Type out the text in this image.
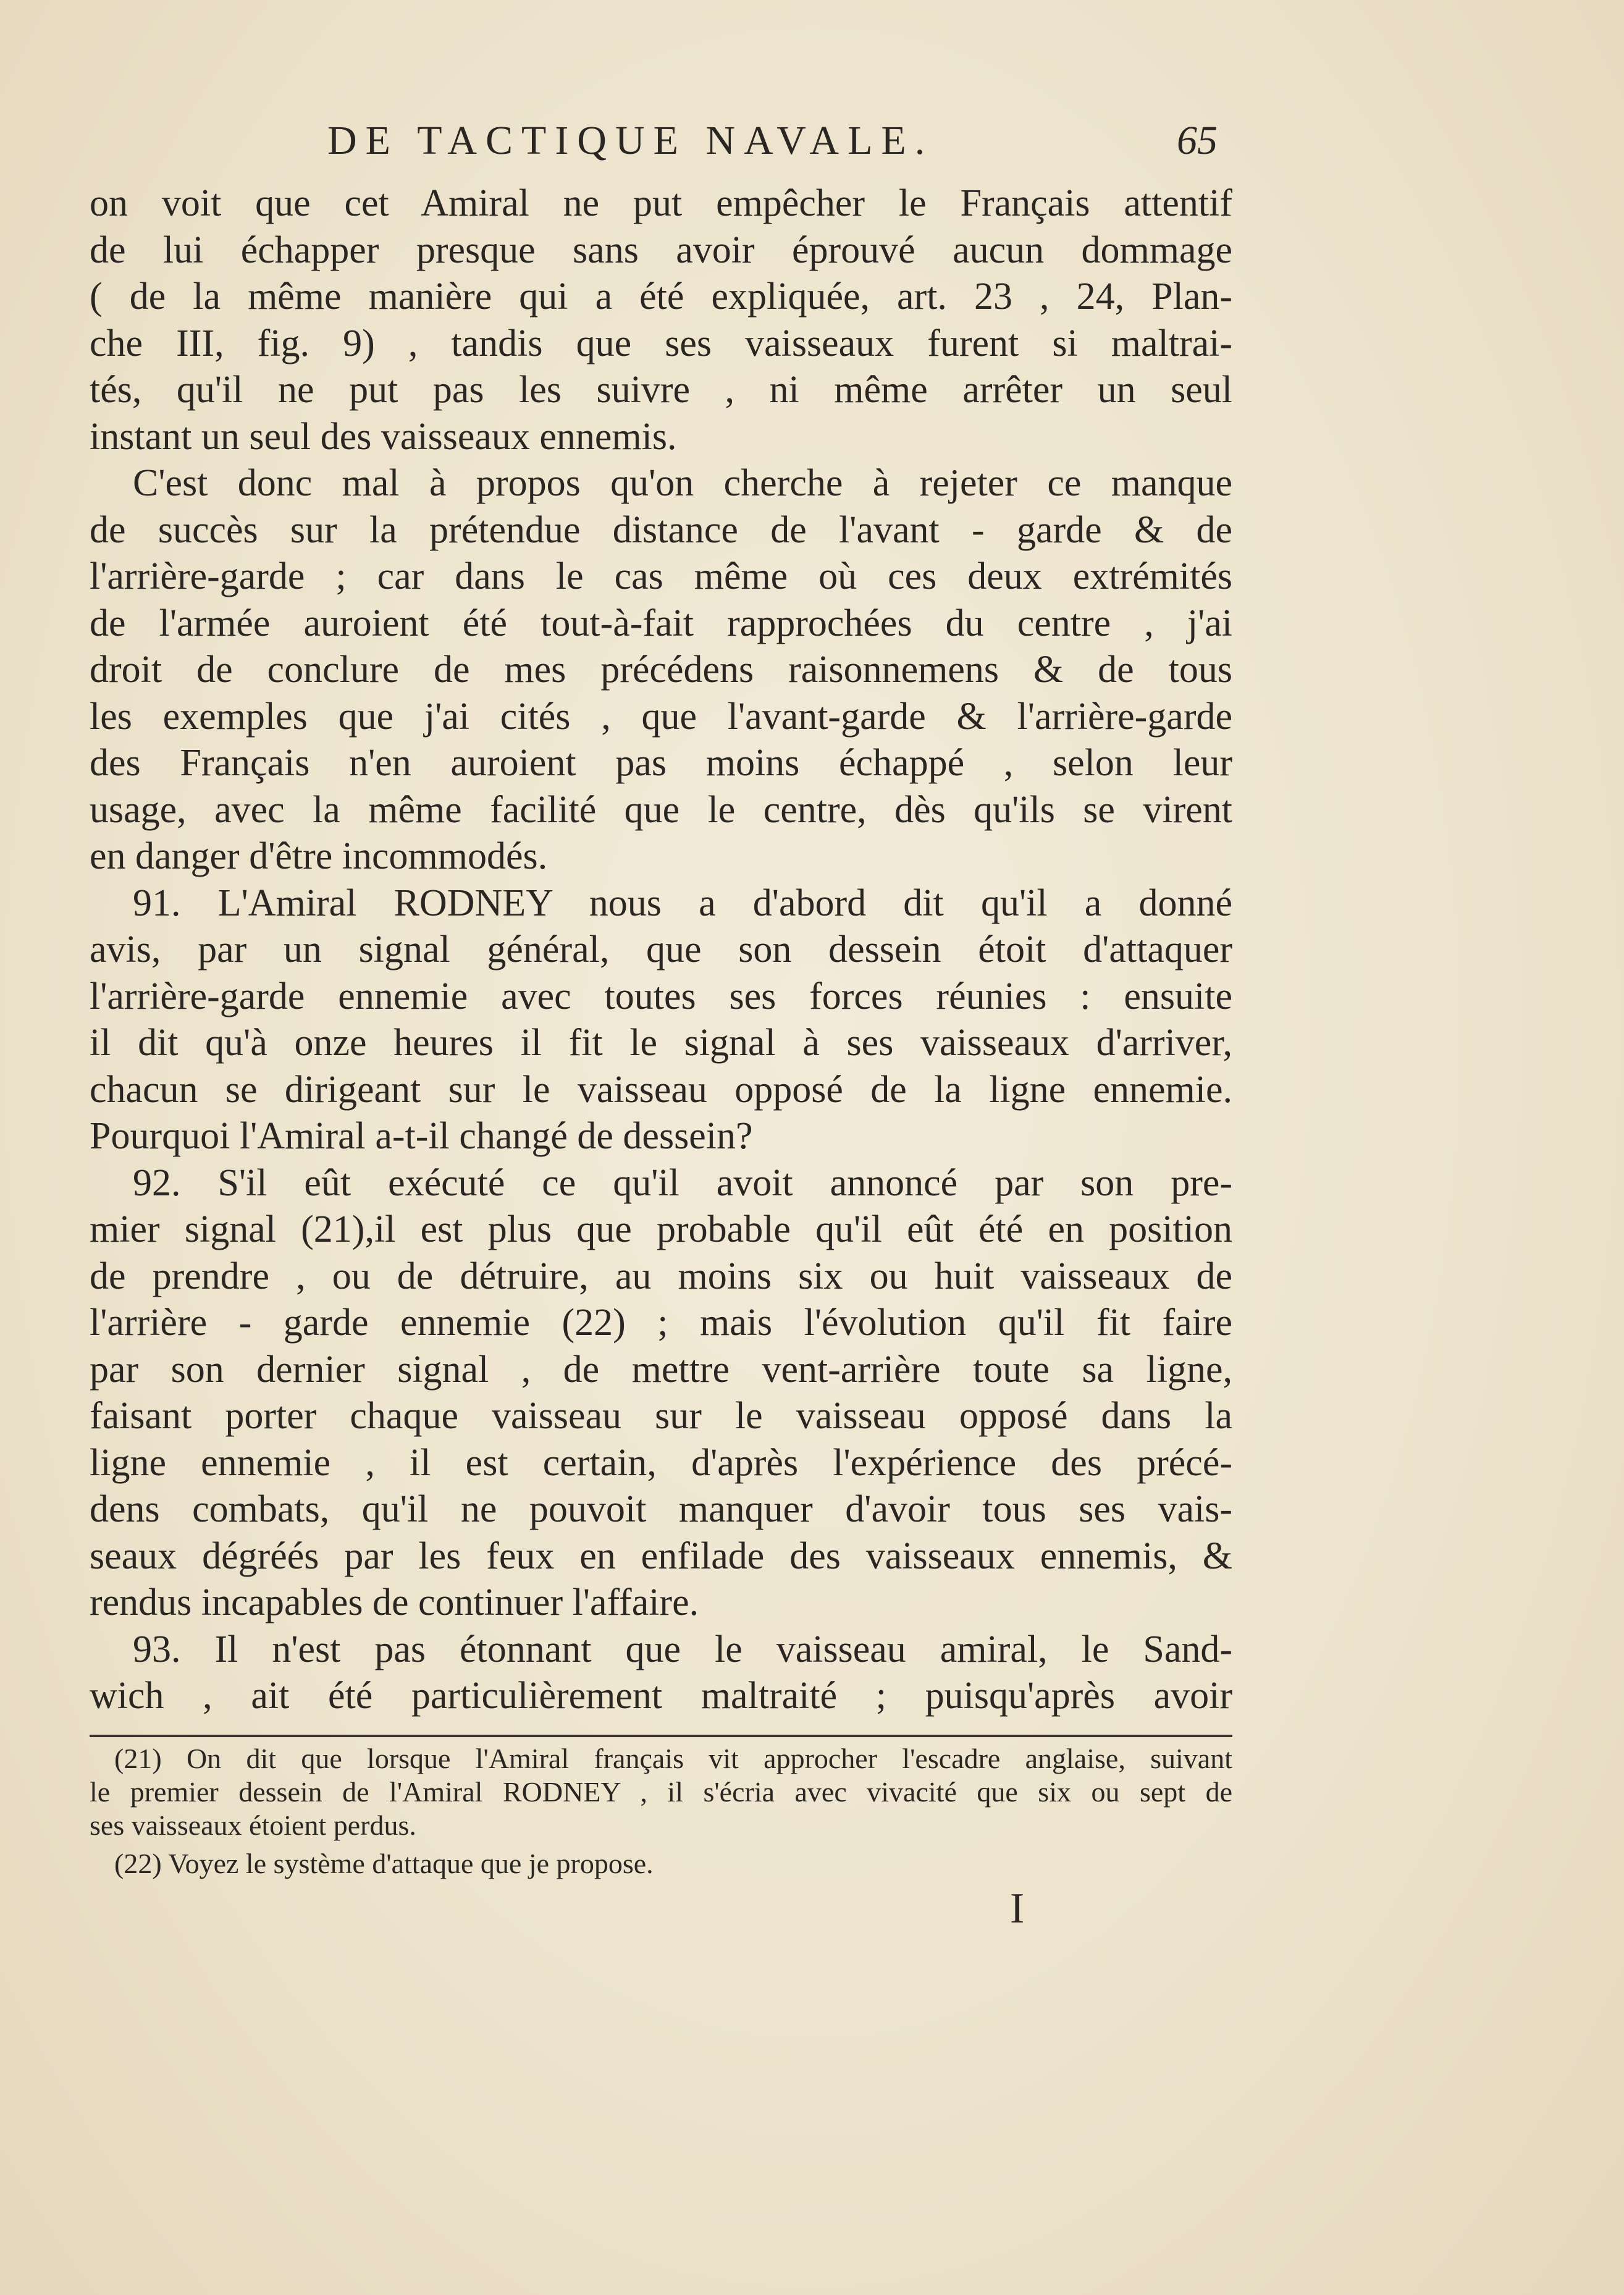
DE TACTIQUE NAVALE.	65
on voit que cet Amiral ne put empêcher le Français attentif
de lui échapper presque sans avoir éprouvé aucun dommage
( de la même manière qui a été expliquée, art. 23 , 24, Plan-
che III, fig. 9) , tandis que ses vaisseaux furent si maltrai-
tés, qu'il ne put pas les suivre , ni même arrêter un seul
instant un seul des vaisseaux ennemis.
C'est donc mal à propos qu'on cherche à rejeter ce manque
de succès sur la prétendue distance de l'avant - garde & de
l'arrière-garde ; car dans le cas même où ces deux extrémités
de l'armée auroient été tout-à-fait rapprochées du centre , j'ai
droit de conclure de mes précédens raisonnemens & de tous
les exemples que j'ai cités , que l'avant-garde & l'arrière-garde
des Français n'en auroient pas moins échappé , selon leur
usage, avec la même facilité que le centre, dès qu'ils se virent
en danger d'être incommodés.
91. L'Amiral RODNEY nous a d'abord dit qu'il a donné
avis, par un signal général, que son dessein étoit d'attaquer
l'arrière-garde ennemie avec toutes ses forces réunies : ensuite
il dit qu'à onze heures il fit le signal à ses vaisseaux d'arriver,
chacun se dirigeant sur le vaisseau opposé de la ligne ennemie.
Pourquoi l'Amiral a-t-il changé de dessein?
92. S'il eût exécuté ce qu'il avoit annoncé par son pre-
mier signal (21),il est plus que probable qu'il eût été en position
de prendre , ou de détruire, au moins six ou huit vaisseaux de
l'arrière - garde ennemie (22) ; mais l'évolution qu'il fit faire
par son dernier signal , de mettre vent-arrière toute sa ligne,
faisant porter chaque vaisseau sur le vaisseau opposé dans la
ligne ennemie , il est certain, d'après l'expérience des précé-
dens combats, qu'il ne pouvoit manquer d'avoir tous ses vais-
seaux dégréés par les feux en enfilade des vaisseaux ennemis, &
rendus incapables de continuer l'affaire.
93. Il n'est pas étonnant que le vaisseau amiral, le Sand-
wich , ait été particulièrement maltraité ; puisqu'après avoir
(21) On dit que lorsque l'Amiral français vit approcher l'escadre anglaise, suivant
le premier dessein de l'Amiral RODNEY , il s'écria avec vivacité que six ou sept de
ses vaisseaux étoient perdus.
(22) Voyez le système d'attaque que je propose.
I
